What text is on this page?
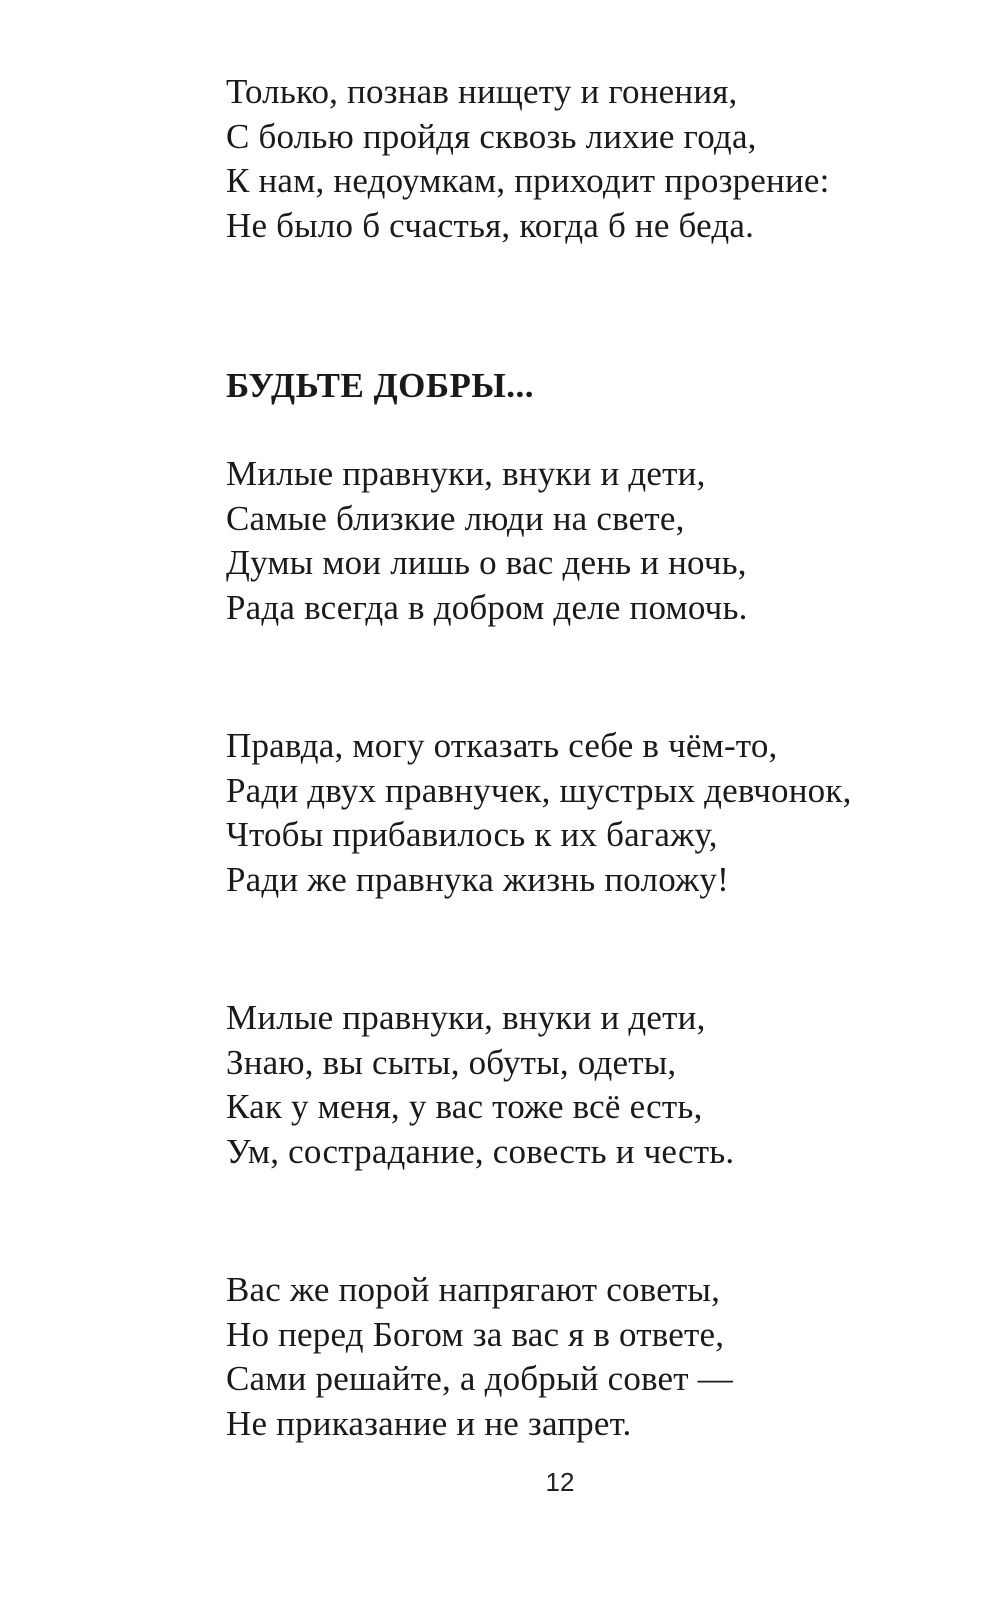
Только, познав нищету и гонения,
С болью пройдя сквозь лихие года,
К нам, недоумкам, приходит прозрение:
Не было б счастья, когда б не беда.
БУДЬТЕ ДОБРЫ...
Милые правнуки, внуки и дети,
Самые близкие люди на свете,
Думы мои лишь о вас день и ночь,
Рада всегда в добром деле помочь.
Правда, могу отказать себе в чём-то,
Ради двух правнучек, шустрых девчонок,
Чтобы прибавилось к их багажу,
Ради же правнука жизнь положу!
Милые правнуки, внуки и дети,
Знаю, вы сыты, обуты, одеты,
Как у меня, у вас тоже всё есть,
Ум, сострадание, совесть и честь.
Вас же порой напрягают советы,
Но перед Богом за вас я в ответе,
Сами решайте, а добрый совет —
Не приказание и не запрет.
12
